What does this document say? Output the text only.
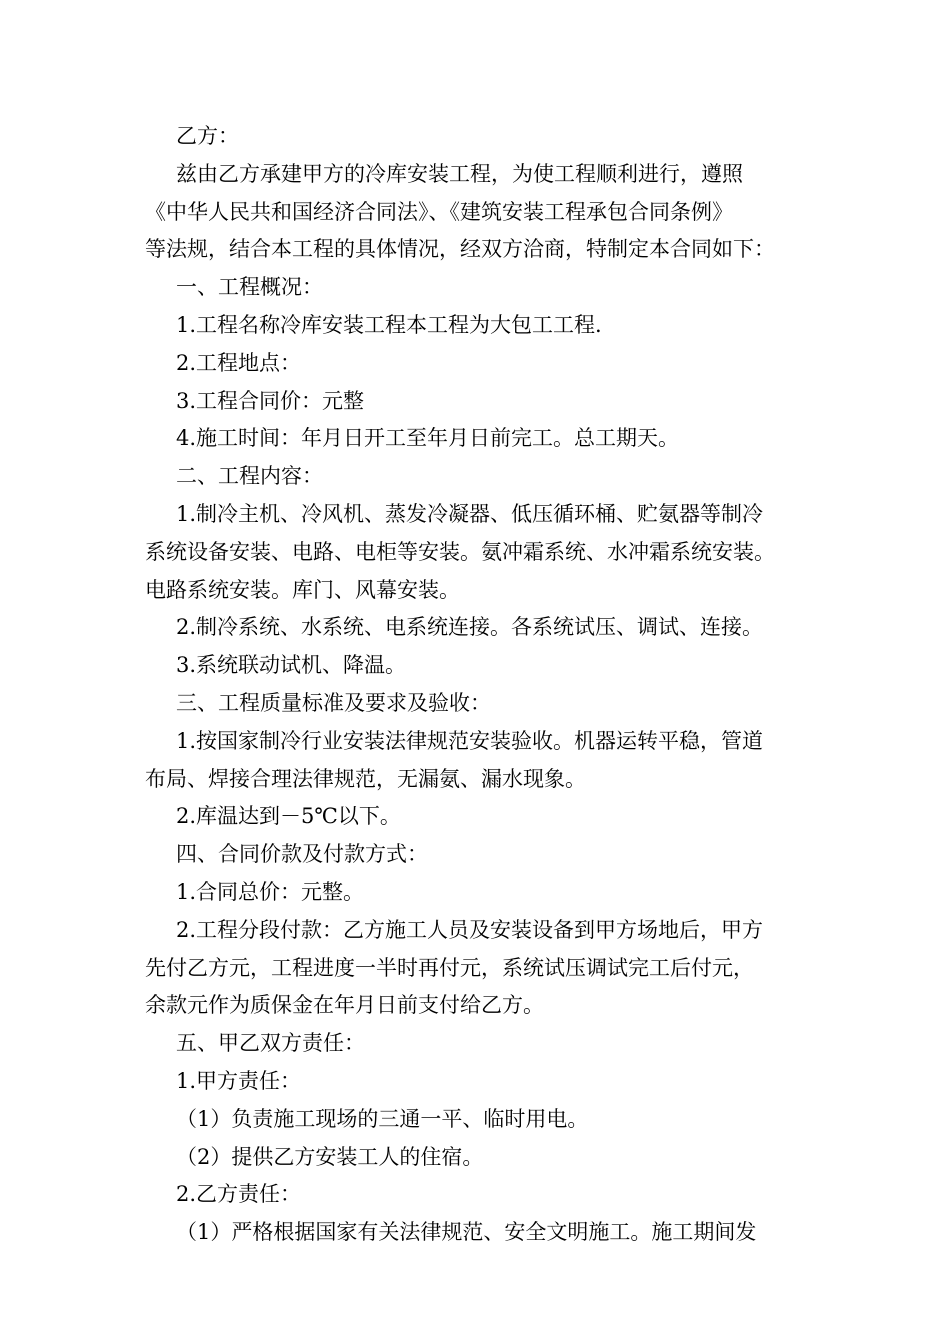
乙方：
兹由乙方承建甲方的冷库安装工程，为使工程顺利进行，遵照
《中华人民共和国经济合同法》、《建筑安装工程承包合同条例》
等法规，结合本工程的具体情况，经双方洽商，特制定本合同如下：
一、工程概况：
1.工程名称冷库安装工程本工程为大包工工程.
2.工程地点：
3.工程合同价：元整
4.施工时间：年月日开工至年月日前完工。总工期天。
二、工程内容：
1.制冷主机、冷风机、蒸发冷凝器、低压循环桶、贮氨器等制冷
系统设备安装、电路、电柜等安装。氨冲霜系统、水冲霜系统安装。
电路系统安装。库门、风幕安装。
2.制冷系统、水系统、电系统连接。各系统试压、调试、连接。
3.系统联动试机、降温。
三、工程质量标准及要求及验收：
1.按国家制冷行业安装法律规范安装验收。机器运转平稳，管道
布局、焊接合理法律规范，无漏氨、漏水现象。
2.库温达到－5℃以下。
四、合同价款及付款方式：
1.合同总价：元整。
2.工程分段付款：乙方施工人员及安装设备到甲方场地后，甲方
先付乙方元，工程进度一半时再付元，系统试压调试完工后付元，
余款元作为质保金在年月日前支付给乙方。
五、甲乙双方责任：
1.甲方责任：
（1）负责施工现场的三通一平、临时用电。
（2）提供乙方安装工人的住宿。
2.乙方责任：
（1）严格根据国家有关法律规范、安全文明施工。施工期间发
